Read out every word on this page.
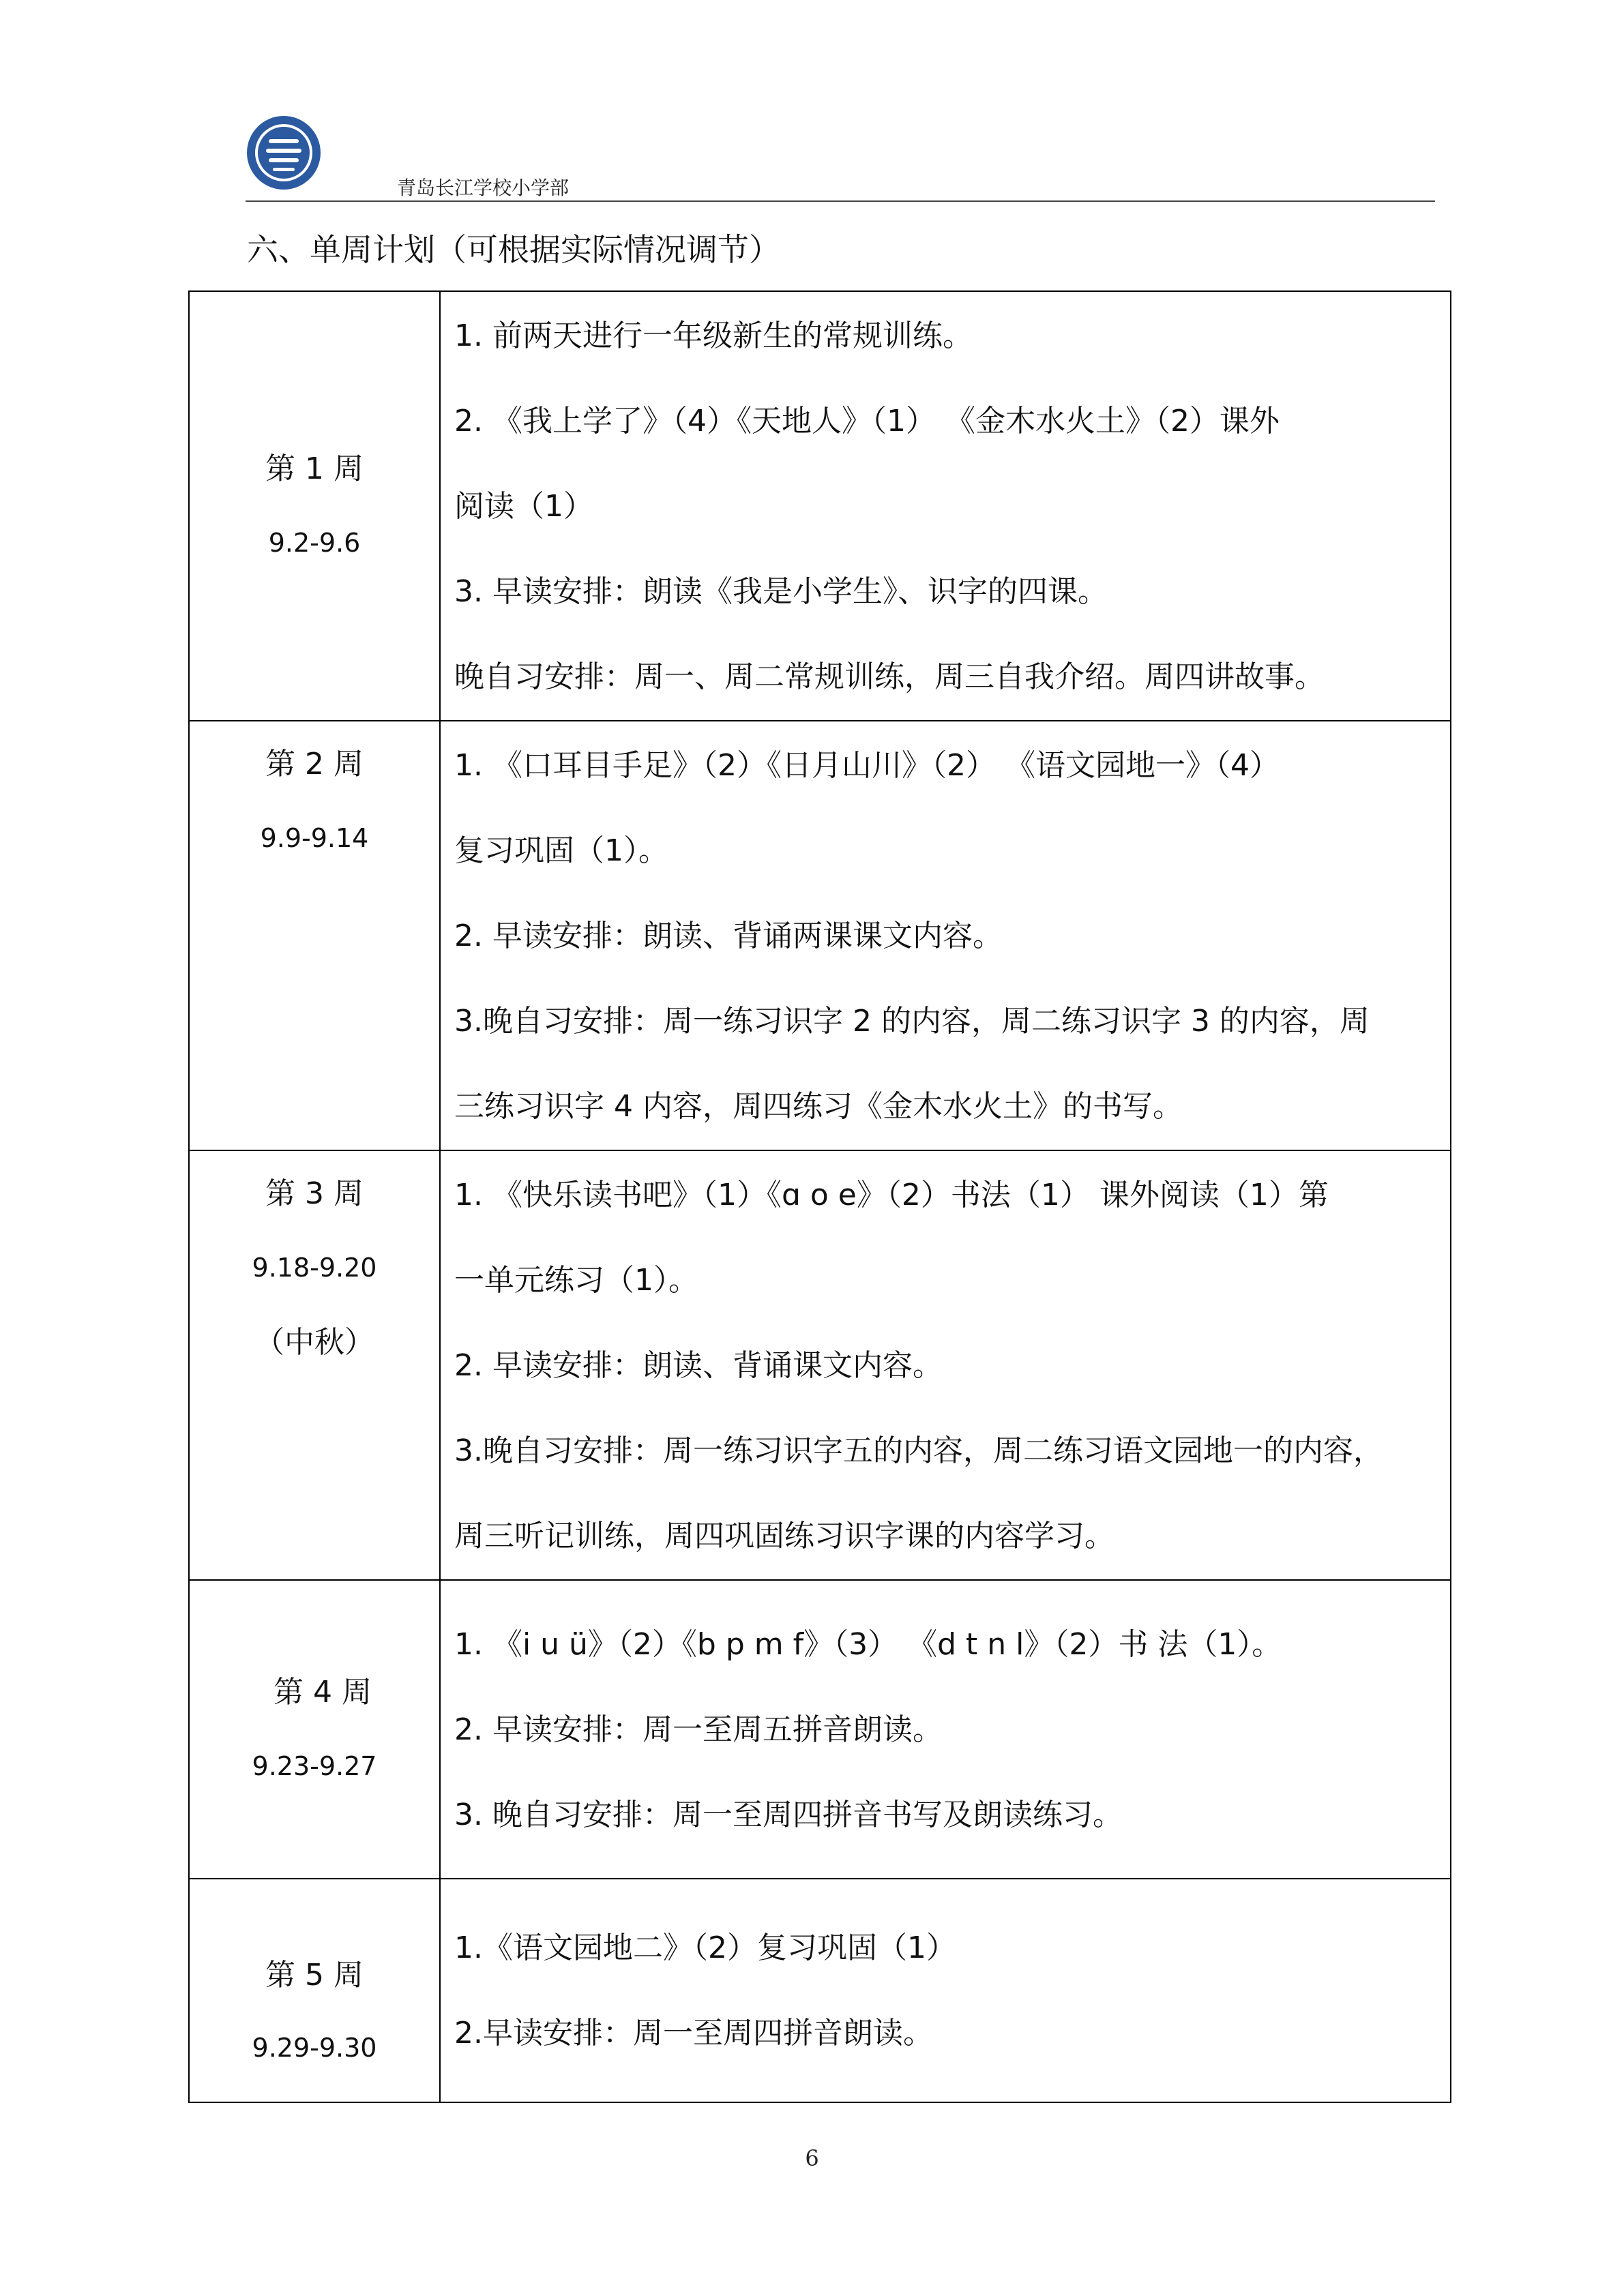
青岛长江学校小学部
六、单周计划（可根据实际情况调节）
第 1 周
9.2-9.6	1. 前两天进行一年级新生的常规训练。
2. 《我上学了》（4）《天地人》（1） 《金木水火土》（2）课外
阅读（1）
3. 早读安排：朗读《我是小学生》、识字的四课。
晚自习安排：周一、周二常规训练，周三自我介绍。周四讲故事。

第 2 周
9.9-9.14	1. 《口耳目手足》（2）《日月山川》（2） 《语文园地一》（4）
复习巩固（1）。
2. 早读安排：朗读、背诵两课课文内容。
3.晚自习安排：周一练习识字 2 的内容，周二练习识字 3 的内容，周
三练习识字 4 内容，周四练习《金木水火土》的书写。

第 3 周
9.18-9.20
（中秋）	1. 《快乐读书吧》（1）《ɑ o e》（2）书法（1） 课外阅读（1）第
一单元练习（1）。
2. 早读安排：朗读、背诵课文内容。
3.晚自习安排：周一练习识字五的内容，周二练习语文园地一的内容，
周三听记训练，周四巩固练习识字课的内容学习。

第 4 周
9.23-9.27	1. 《i u ü》（2）《b p m f》（3） 《d t n l》（2）书 法（1）。
2. 早读安排：周一至周五拼音朗读。
3. 晚自习安排：周一至周四拼音书写及朗读练习。

第 5 周
9.29-9.30	1.《语文园地二》（2）复习巩固（1）
2.早读安排：周一至周四拼音朗读。
6
